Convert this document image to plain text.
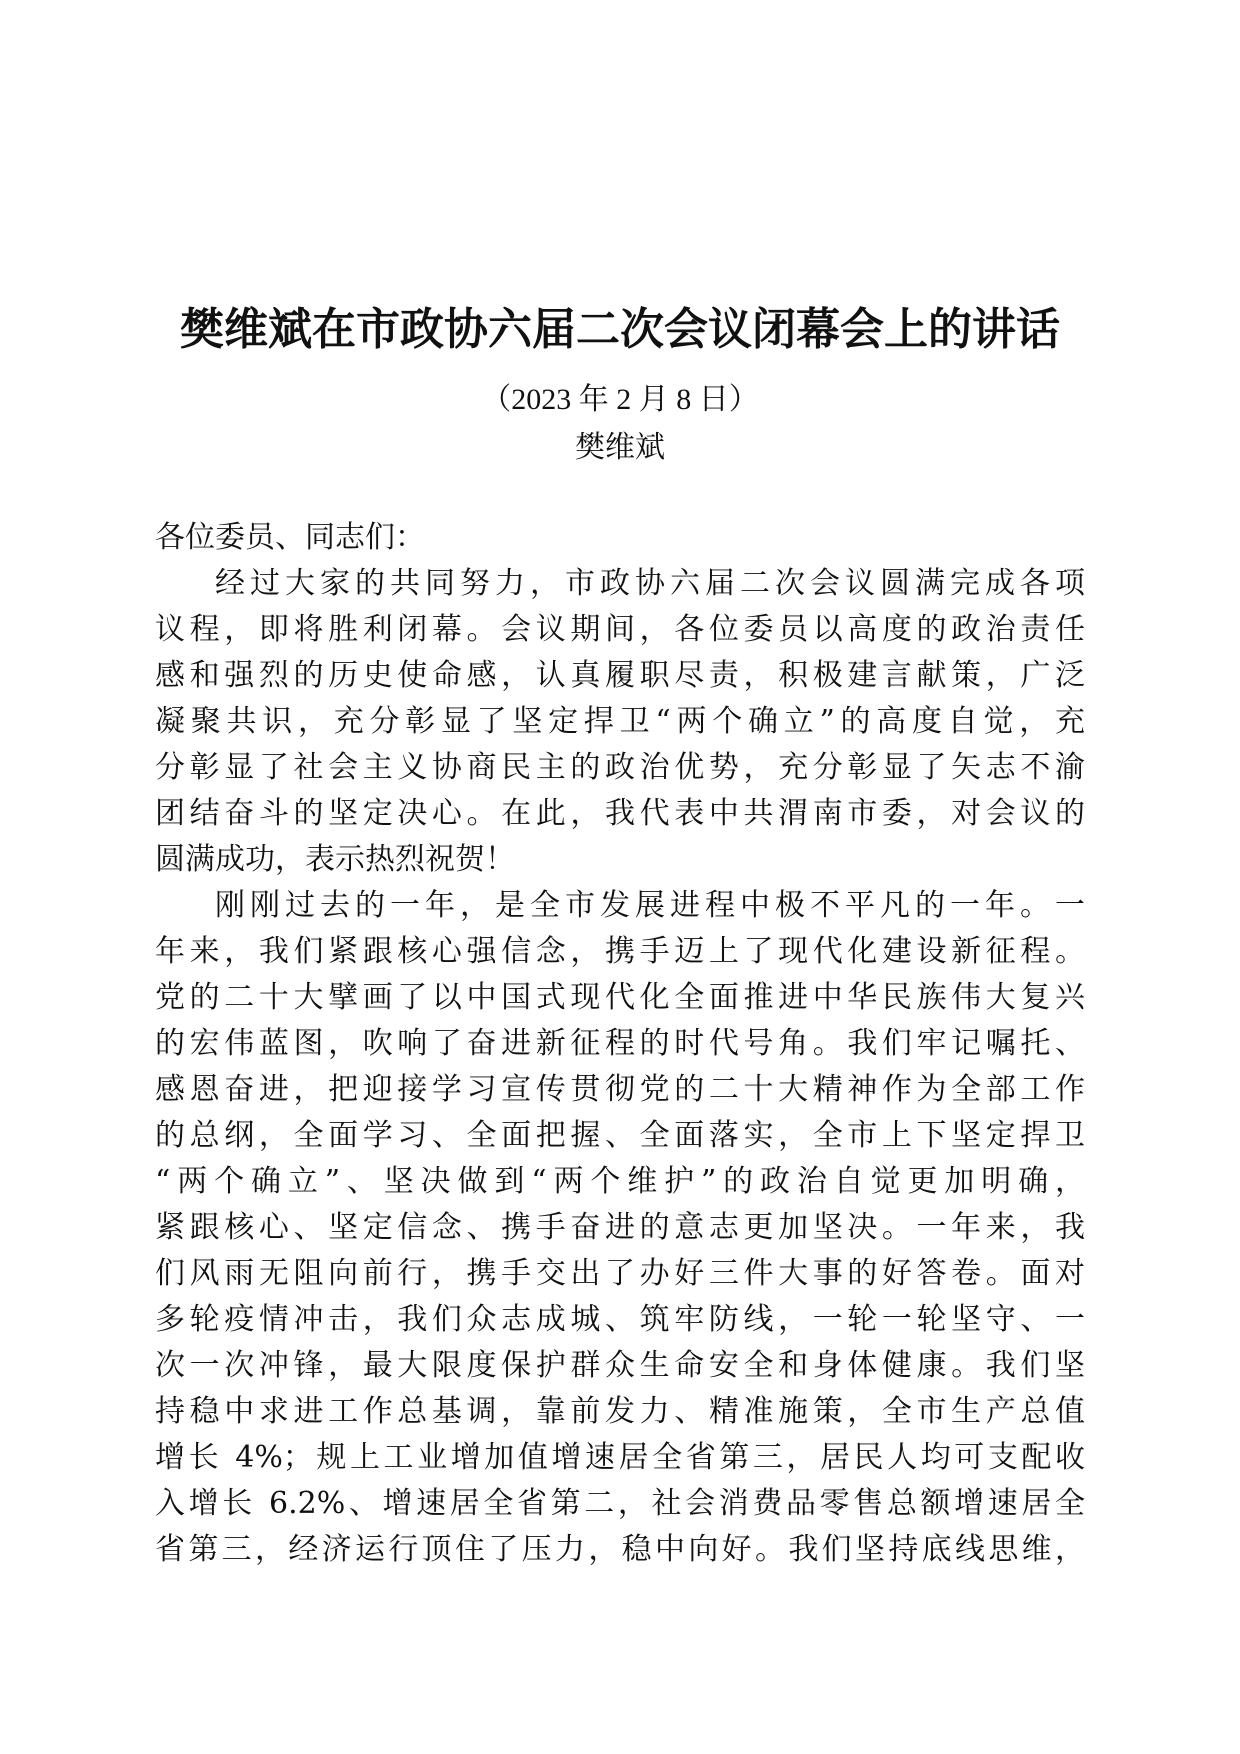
樊维斌在市政协六届二次会议闭幕会上的讲话
（2023 年 2 月 8 日）
樊维斌
各位委员、同志们：
经过大家的共同努力，市政协六届二次会议圆满完成各项
议程，即将胜利闭幕。会议期间，各位委员以高度的政治责任
感和强烈的历史使命感，认真履职尽责，积极建言献策，广泛
凝聚共识，充分彰显了坚定捍卫“两个确立”的高度自觉，充
分彰显了社会主义协商民主的政治优势，充分彰显了矢志不渝
团结奋斗的坚定决心。在此，我代表中共渭南市委，对会议的
圆满成功，表示热烈祝贺！
刚刚过去的一年，是全市发展进程中极不平凡的一年。一
年来，我们紧跟核心强信念，携手迈上了现代化建设新征程。
党的二十大擘画了以中国式现代化全面推进中华民族伟大复兴
的宏伟蓝图，吹响了奋进新征程的时代号角。我们牢记嘱托、
感恩奋进，把迎接学习宣传贯彻党的二十大精神作为全部工作
的总纲，全面学习、全面把握、全面落实，全市上下坚定捍卫
“两个确立”、坚决做到“两个维护”的政治自觉更加明确，
紧跟核心、坚定信念、携手奋进的意志更加坚决。一年来，我
们风雨无阻向前行，携手交出了办好三件大事的好答卷。面对
多轮疫情冲击，我们众志成城、筑牢防线，一轮一轮坚守、一
次一次冲锋，最大限度保护群众生命安全和身体健康。我们坚
持稳中求进工作总基调，靠前发力、精准施策，全市生产总值
增长 4%；规上工业增加值增速居全省第三，居民人均可支配收
入增长 6.2%、增速居全省第二，社会消费品零售总额增速居全
省第三，经济运行顶住了压力，稳中向好。我们坚持底线思维，
